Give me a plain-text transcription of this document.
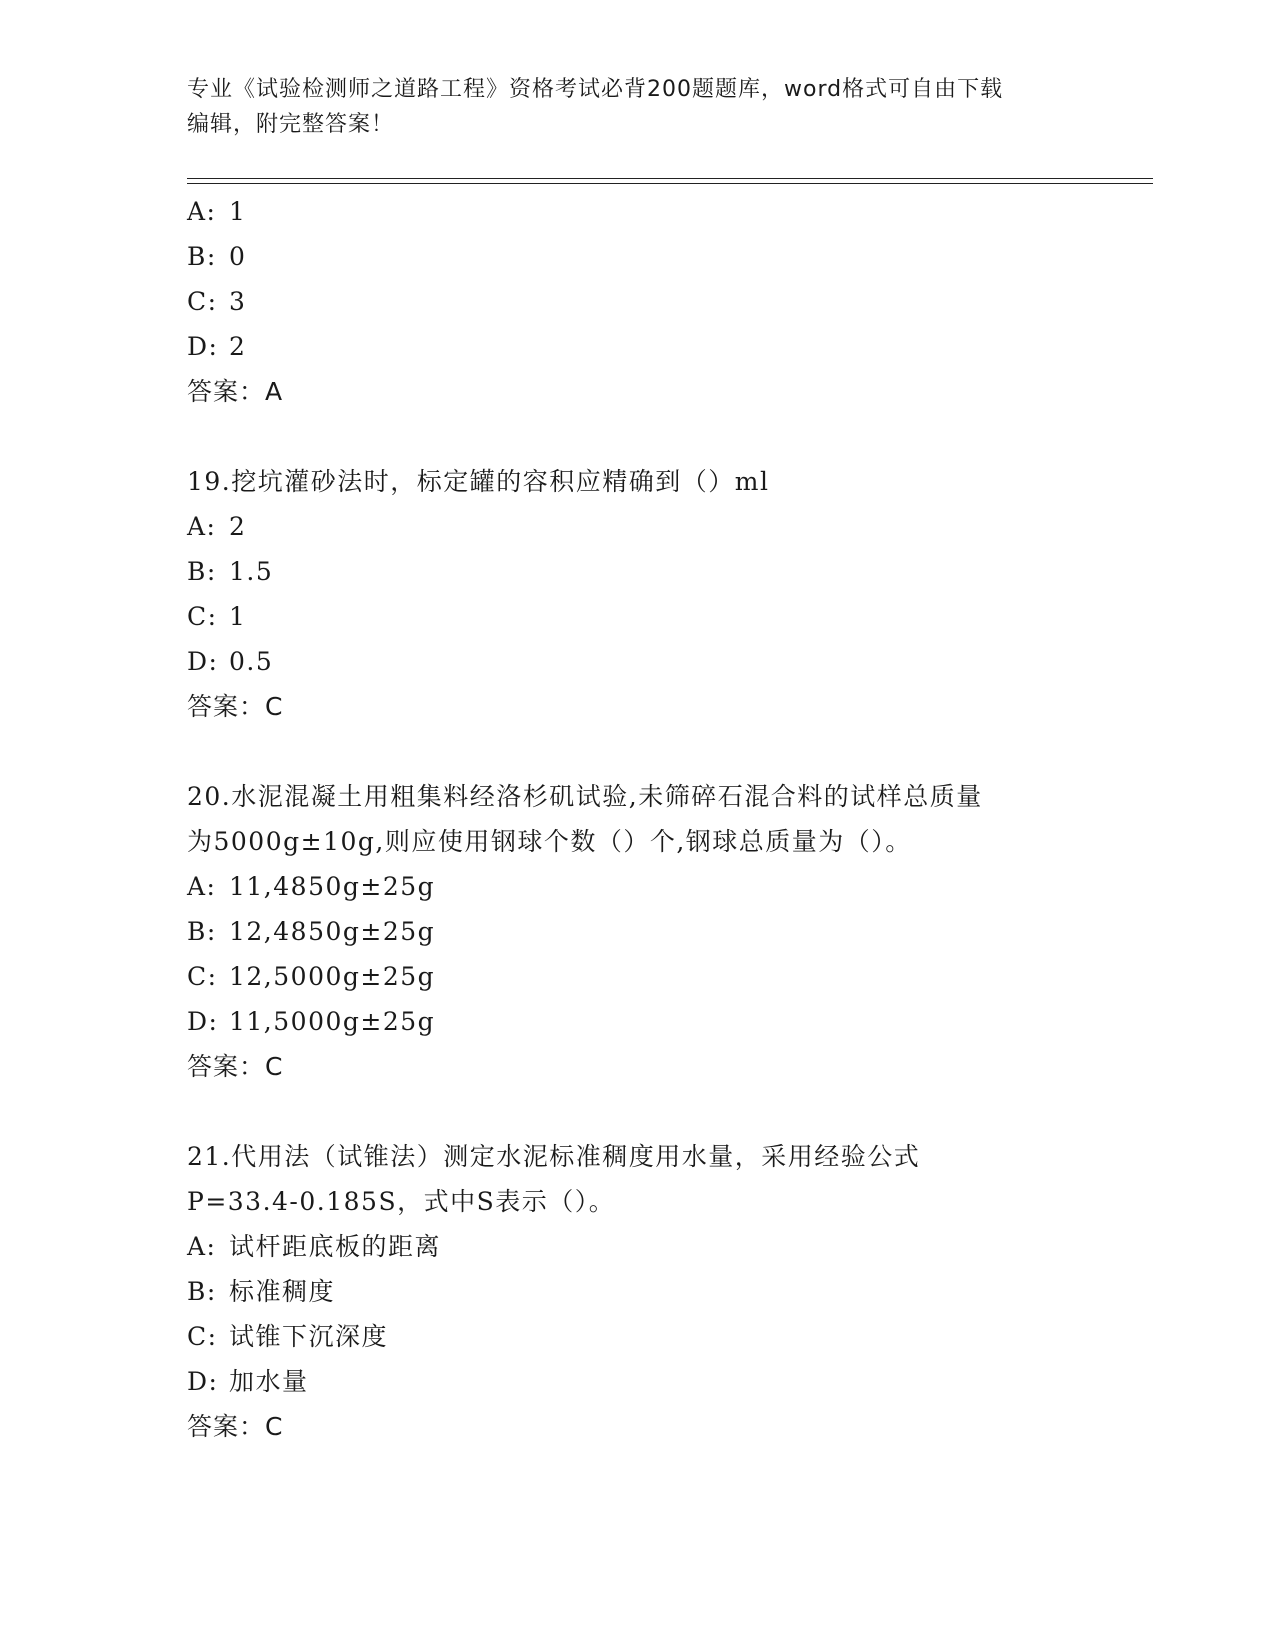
专业《试验检测师之道路工程》资格考试必背200题题库，word格式可自由下载
编辑，附完整答案！
A: 1
B: 0
C: 3
D: 2
答案：A
19.挖坑灌砂法时，标定罐的容积应精确到（）ml
A: 2
B: 1.5
C: 1
D: 0.5
答案：C
20.水泥混凝土用粗集料经洛杉矶试验,未筛碎石混合料的试样总质量
为5000g±10g,则应使用钢球个数（）个,钢球总质量为（）。
A: 11,4850g±25g
B: 12,4850g±25g
C: 12,5000g±25g
D: 11,5000g±25g
答案：C
21.代用法（试锥法）测定水泥标准稠度用水量，采用经验公式
P=33.4-0.185S，式中S表示（）。
A: 试杆距底板的距离
B: 标准稠度
C: 试锥下沉深度
D: 加水量
答案：C
